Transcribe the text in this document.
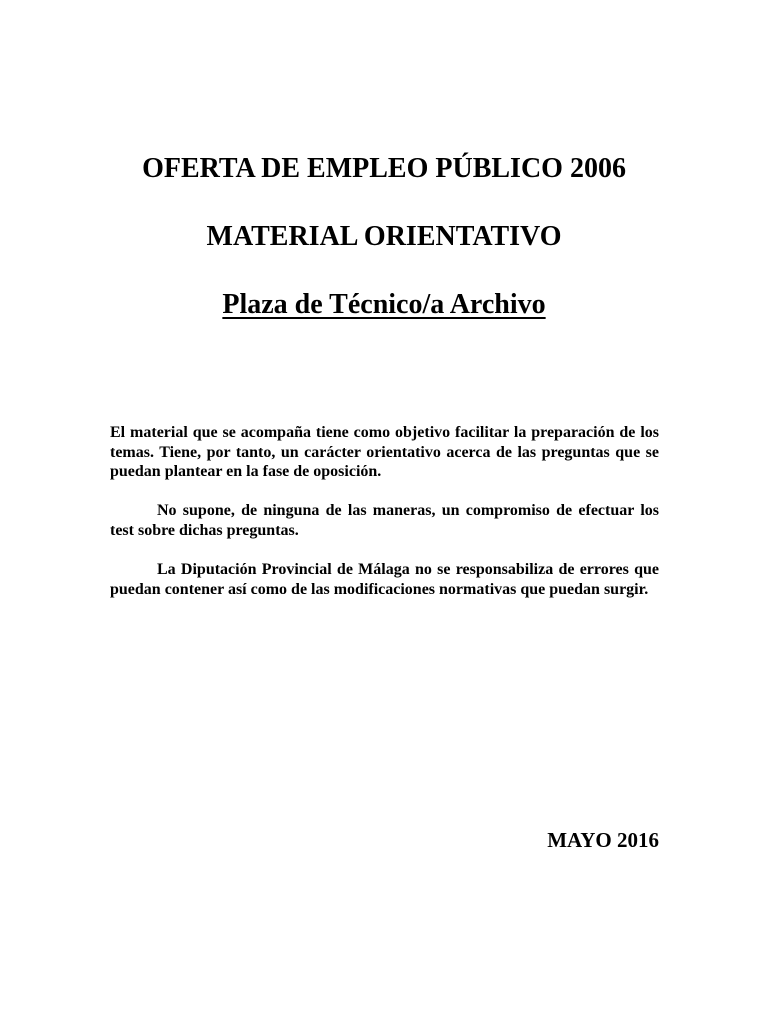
OFERTA DE EMPLEO PÚBLICO 2006
MATERIAL ORIENTATIVO
Plaza de Técnico/a Archivo

El material que se acompaña tiene como objetivo facilitar la preparación de los temas. Tiene, por tanto, un carácter orientativo acerca de las preguntas que se puedan plantear en la fase de oposición.

No supone, de ninguna de las maneras, un compromiso de efectuar los test sobre dichas preguntas.

La Diputación Provincial de Málaga no se responsabiliza de errores que puedan contener así como de las modificaciones normativas que puedan surgir.

MAYO 2016
